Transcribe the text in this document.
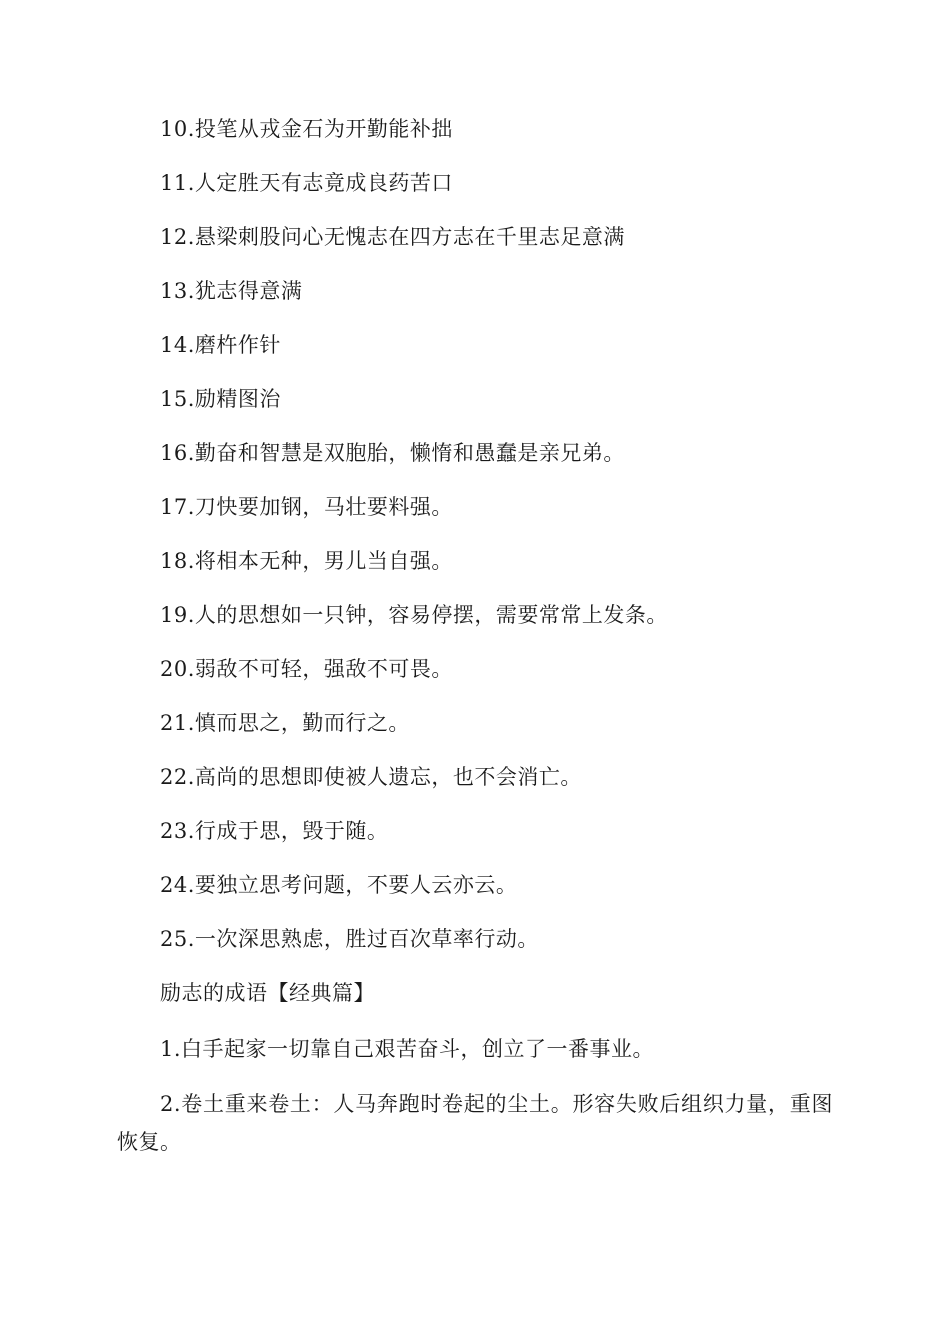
10.投笔从戎金石为开勤能补拙
11.人定胜天有志竟成良药苦口
12.悬梁刺股问心无愧志在四方志在千里志足意满
13.犹志得意满
14.磨杵作针
15.励精图治
16.勤奋和智慧是双胞胎，懒惰和愚蠢是亲兄弟。
17.刀快要加钢，马壮要料强。
18.将相本无种，男儿当自强。
19.人的思想如一只钟，容易停摆，需要常常上发条。
20.弱敌不可轻，强敌不可畏。
21.慎而思之，勤而行之。
22.高尚的思想即使被人遗忘，也不会消亡。
23.行成于思，毁于随。
24.要独立思考问题，不要人云亦云。
25.一次深思熟虑，胜过百次草率行动。
励志的成语【经典篇】
1.白手起家一切靠自己艰苦奋斗，创立了一番事业。
2.卷土重来卷土：人马奔跑时卷起的尘土。形容失败后组织力量，重图恢复。
